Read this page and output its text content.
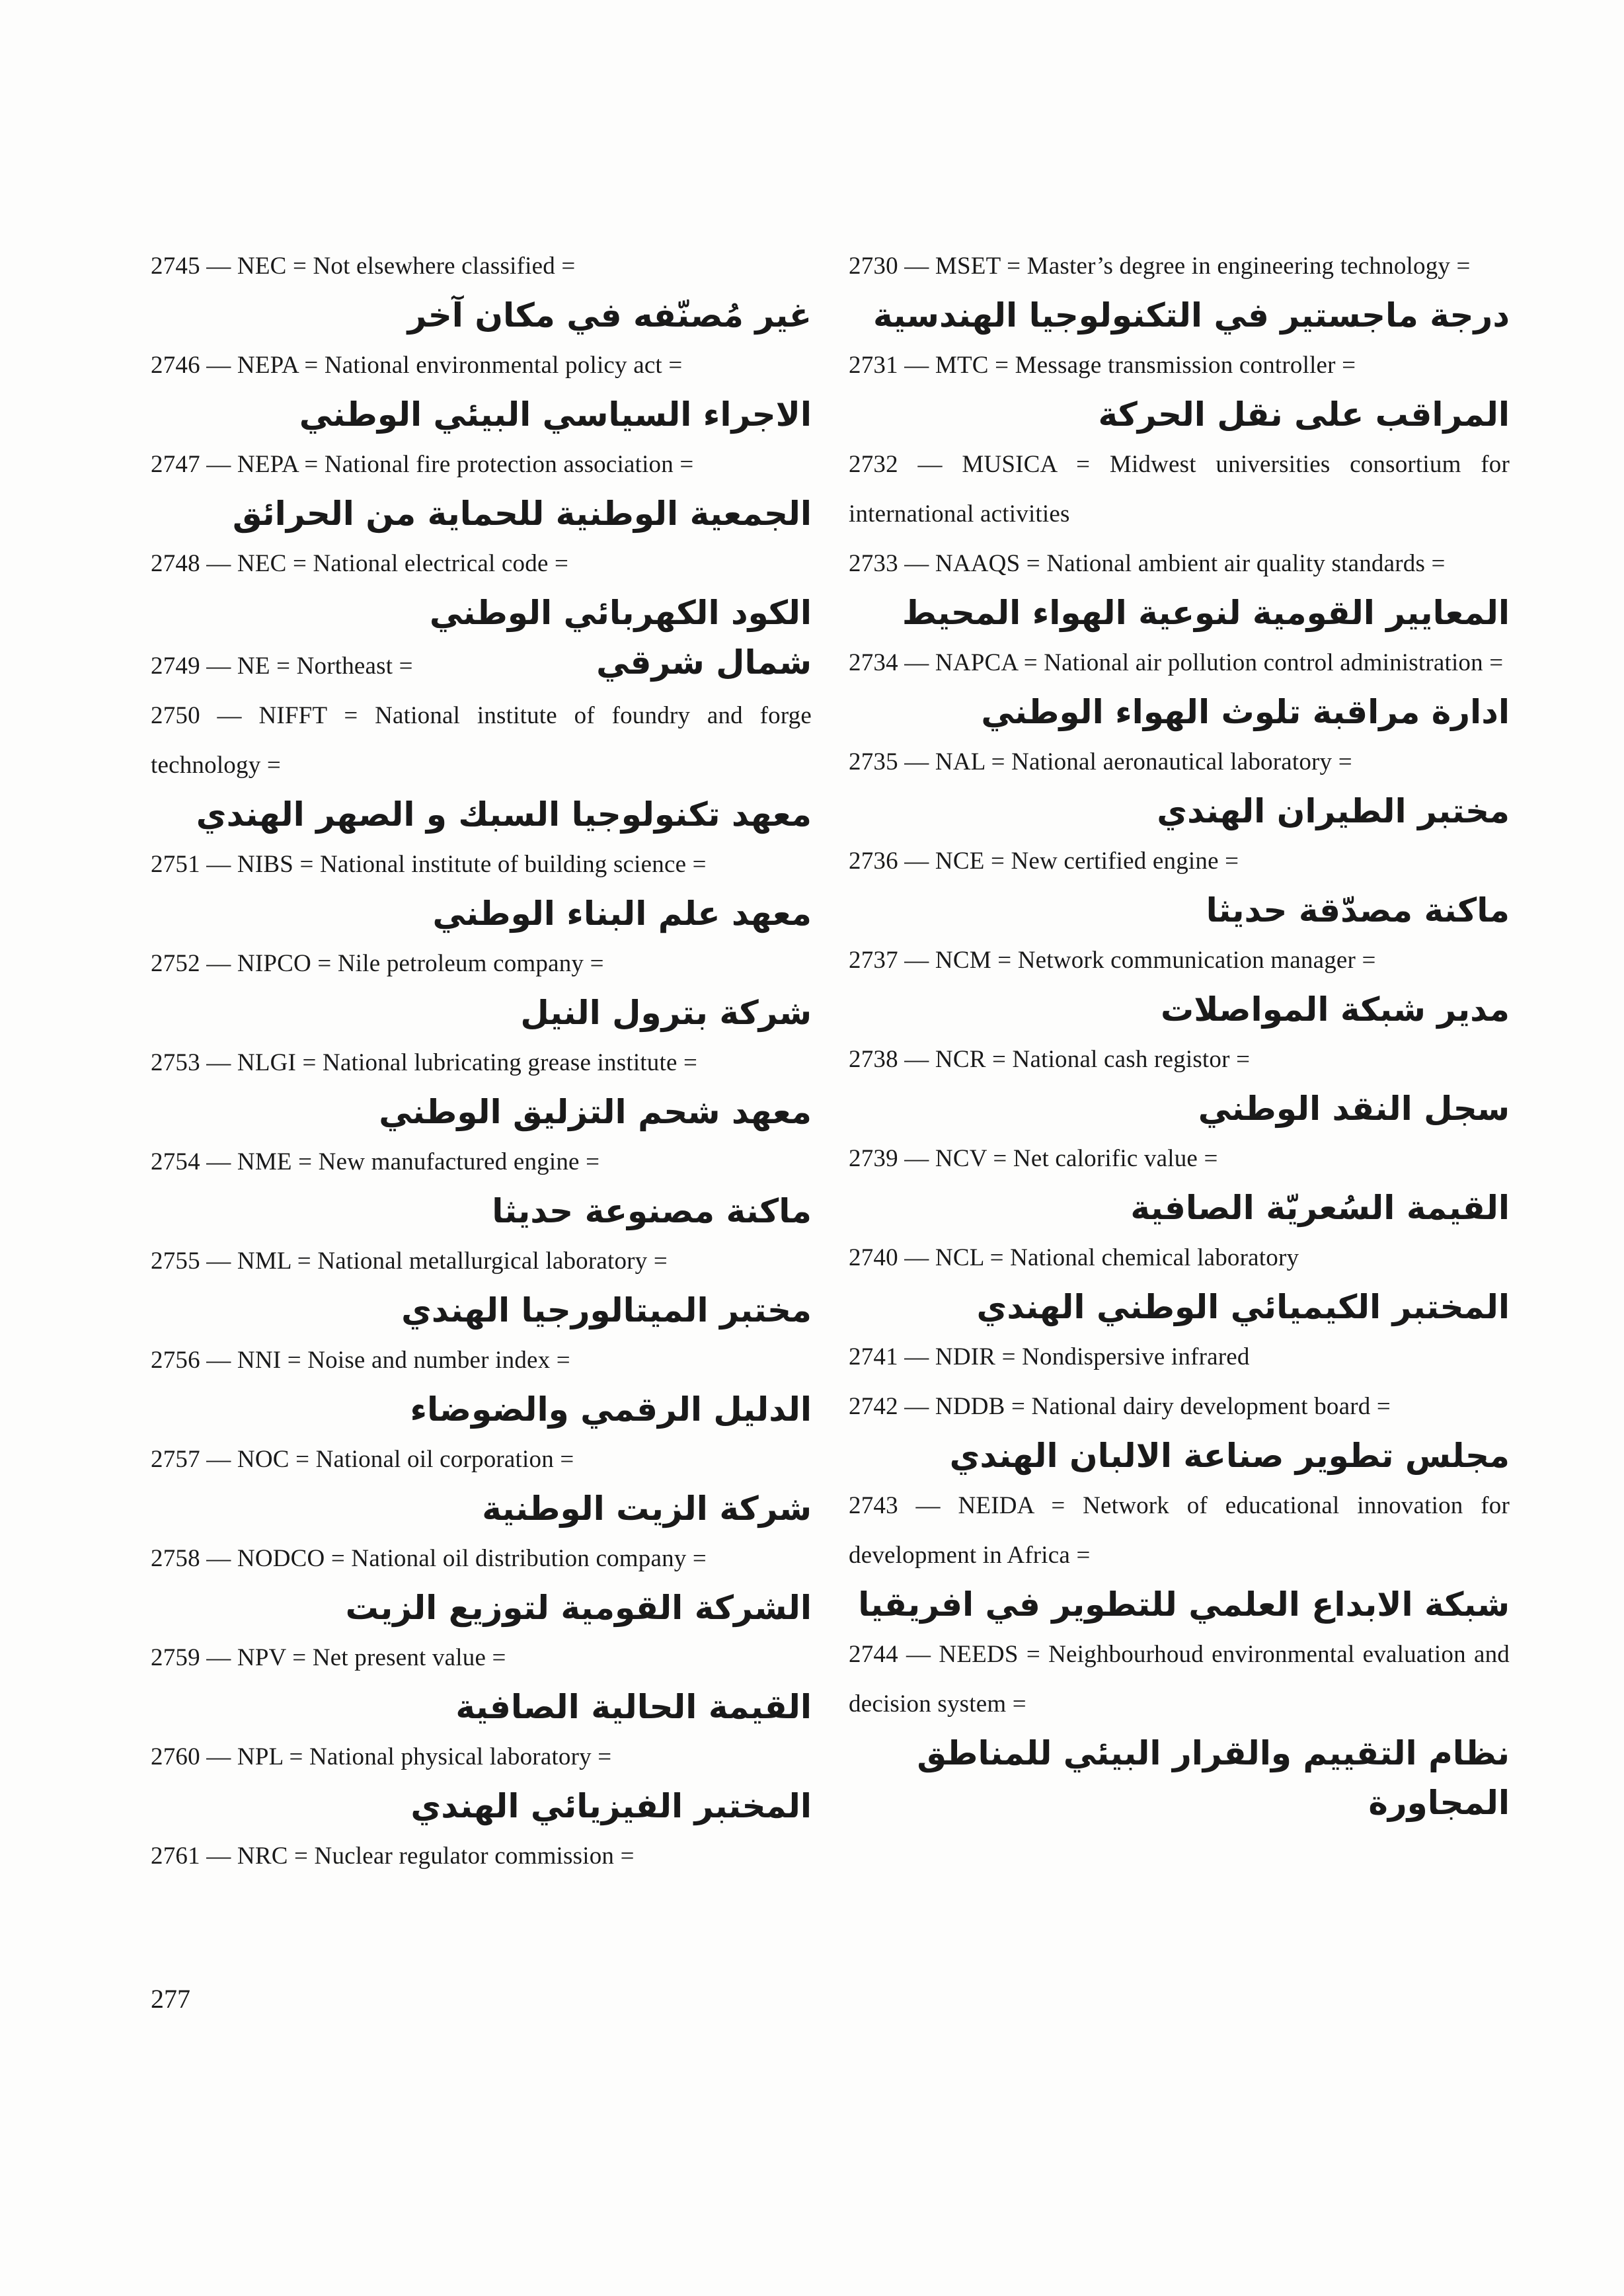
2745 — NEC = Not elsewhere classified =
غير مُصنّفه في مكان آخر
2746 — NEPA = National environmental policy act =
الاجراء السياسي البيئي الوطني
2747 — NEPA = National fire protection association =
الجمعية الوطنية للحماية من الحرائق
2748 — NEC = National electrical code =
الكود الكهربائي الوطني
2749 — NE = Northeast =	شمال شرقي
2750 — NIFFT = National institute of foundry and forge technology =
معهد تكنولوجيا السبك و الصهر الهندي
2751 — NIBS = National institute of building science =
معهد علم البناء الوطني
2752 — NIPCO = Nile petroleum company =
شركة بترول النيل
2753 — NLGI = National lubricating grease institute =
معهد شحم التزليق الوطني
2754 — NME = New manufactured engine =
ماكنة مصنوعة حديثا
2755 — NML = National metallurgical laboratory =
مختبر الميتالورجيا الهندي
2756 — NNI = Noise and number index =
الدليل الرقمي والضوضاء
2757 — NOC = National oil corporation =
شركة الزيت الوطنية
2758 — NODCO = National oil distribution company =
الشركة القومية لتوزيع الزيت
2759 — NPV = Net present value =
القيمة الحالية الصافية
2760 — NPL = National physical laboratory =
المختبر الفيزيائي الهندي
2761 — NRC = Nuclear regulator commission =
2730 — MSET = Master’s degree in engineering technology =
درجة ماجستير في التكنولوجيا الهندسية
2731 — MTC = Message transmission controller =
المراقب على نقل الحركة
2732 — MUSICA = Midwest universities consortium for international activities
2733 — NAAQS = National ambient air quality standards =
المعايير القومية لنوعية الهواء المحيط
2734 — NAPCA = National air pollution control administration =
ادارة مراقبة تلوث الهواء الوطني
2735 — NAL = National aeronautical laboratory =
مختبر الطيران الهندي
2736 — NCE = New certified engine =
ماكنة مصدّقة حديثا
2737 — NCM = Network communication manager =
مدير شبكة المواصلات
2738 — NCR = National cash registor =
سجل النقد الوطني
2739 — NCV = Net calorific value =
القيمة السُعريّة الصافية
2740 — NCL = National chemical laboratory
المختبر الكيميائي الوطني الهندي
2741 — NDIR = Nondispersive infrared
2742 — NDDB = National dairy development board =
مجلس تطوير صناعة الالبان الهندي
2743 — NEIDA = Network of educational innovation for development in Africa =
شبكة الابداع العلمي للتطوير في افريقيا
2744 — NEEDS = Neighbourhoud environmental evaluation and decision system =
نظام التقييم والقرار البيئي للمناطق المجاورة
277
